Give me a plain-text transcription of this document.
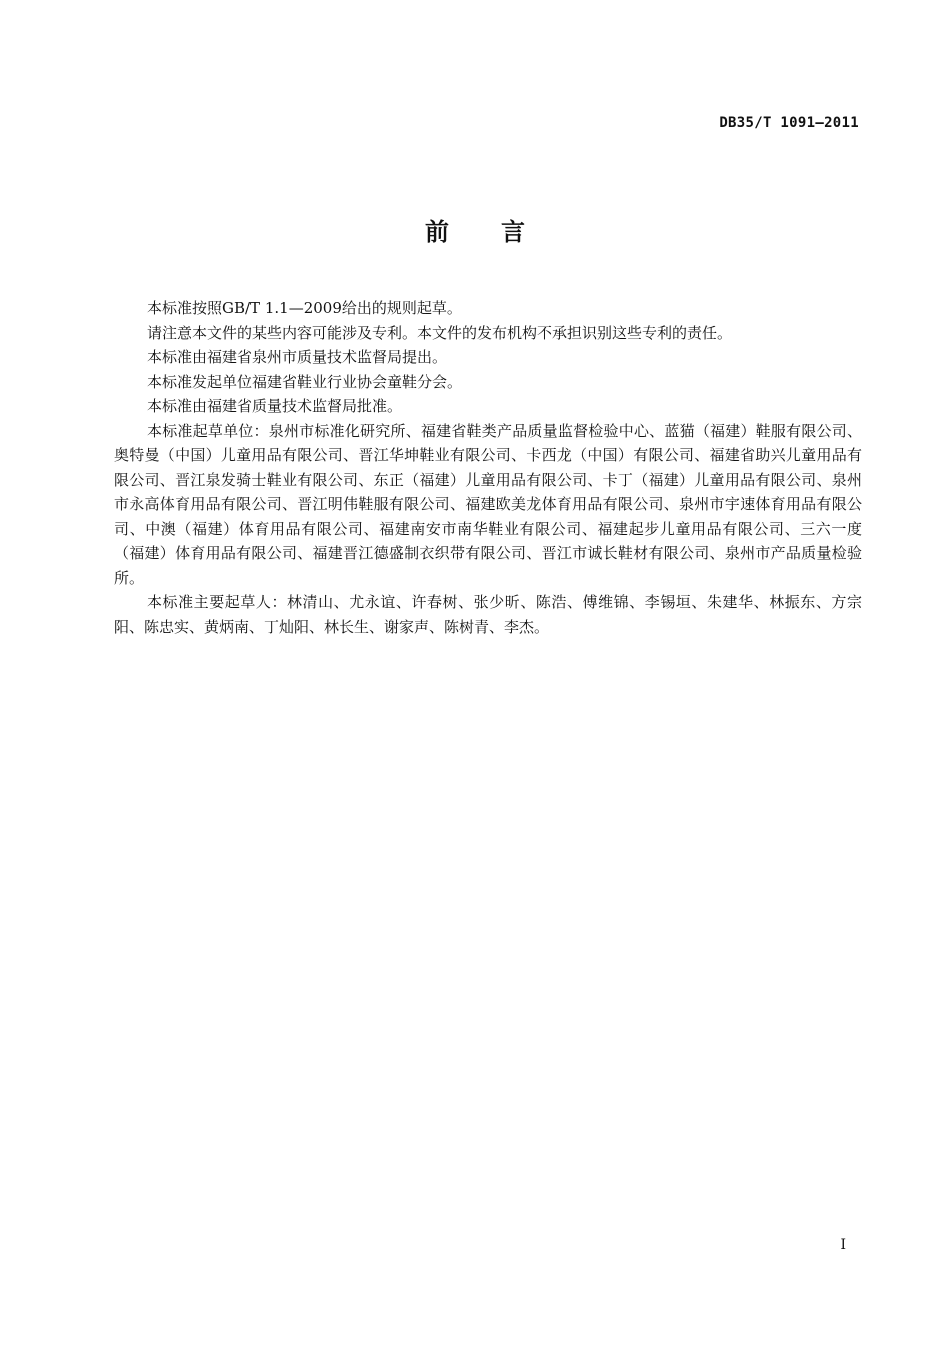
DB35/T 1091—2011
前言

本标准按照GB/T 1.1—2009给出的规则起草。

请注意本文件的某些内容可能涉及专利。本文件的发布机构不承担识别这些专利的责任。

本标准由福建省泉州市质量技术监督局提出。

本标准发起单位福建省鞋业行业协会童鞋分会。

本标准由福建省质量技术监督局批准。

本标准起草单位：泉州市标准化研究所、福建省鞋类产品质量监督检验中心、蓝猫（福建）鞋服有限公司、奥特曼（中国）儿童用品有限公司、晋江华坤鞋业有限公司、卡西龙（中国）有限公司、福建省助兴儿童用品有限公司、晋江泉发骑士鞋业有限公司、东正（福建）儿童用品有限公司、卡丁（福建）儿童用品有限公司、泉州市永高体育用品有限公司、晋江明伟鞋服有限公司、福建欧美龙体育用品有限公司、泉州市宇速体育用品有限公司、中澳（福建）体育用品有限公司、福建南安市南华鞋业有限公司、福建起步儿童用品有限公司、三六一度（福建）体育用品有限公司、福建晋江德盛制衣织带有限公司、晋江市诚长鞋材有限公司、泉州市产品质量检验所。

本标准主要起草人：林清山、尤永谊、许春树、张少昕、陈浩、傅维锦、李锡垣、朱建华、林振东、方宗阳、陈忠实、黄炳南、丁灿阳、林长生、谢家声、陈树青、李杰。

I
